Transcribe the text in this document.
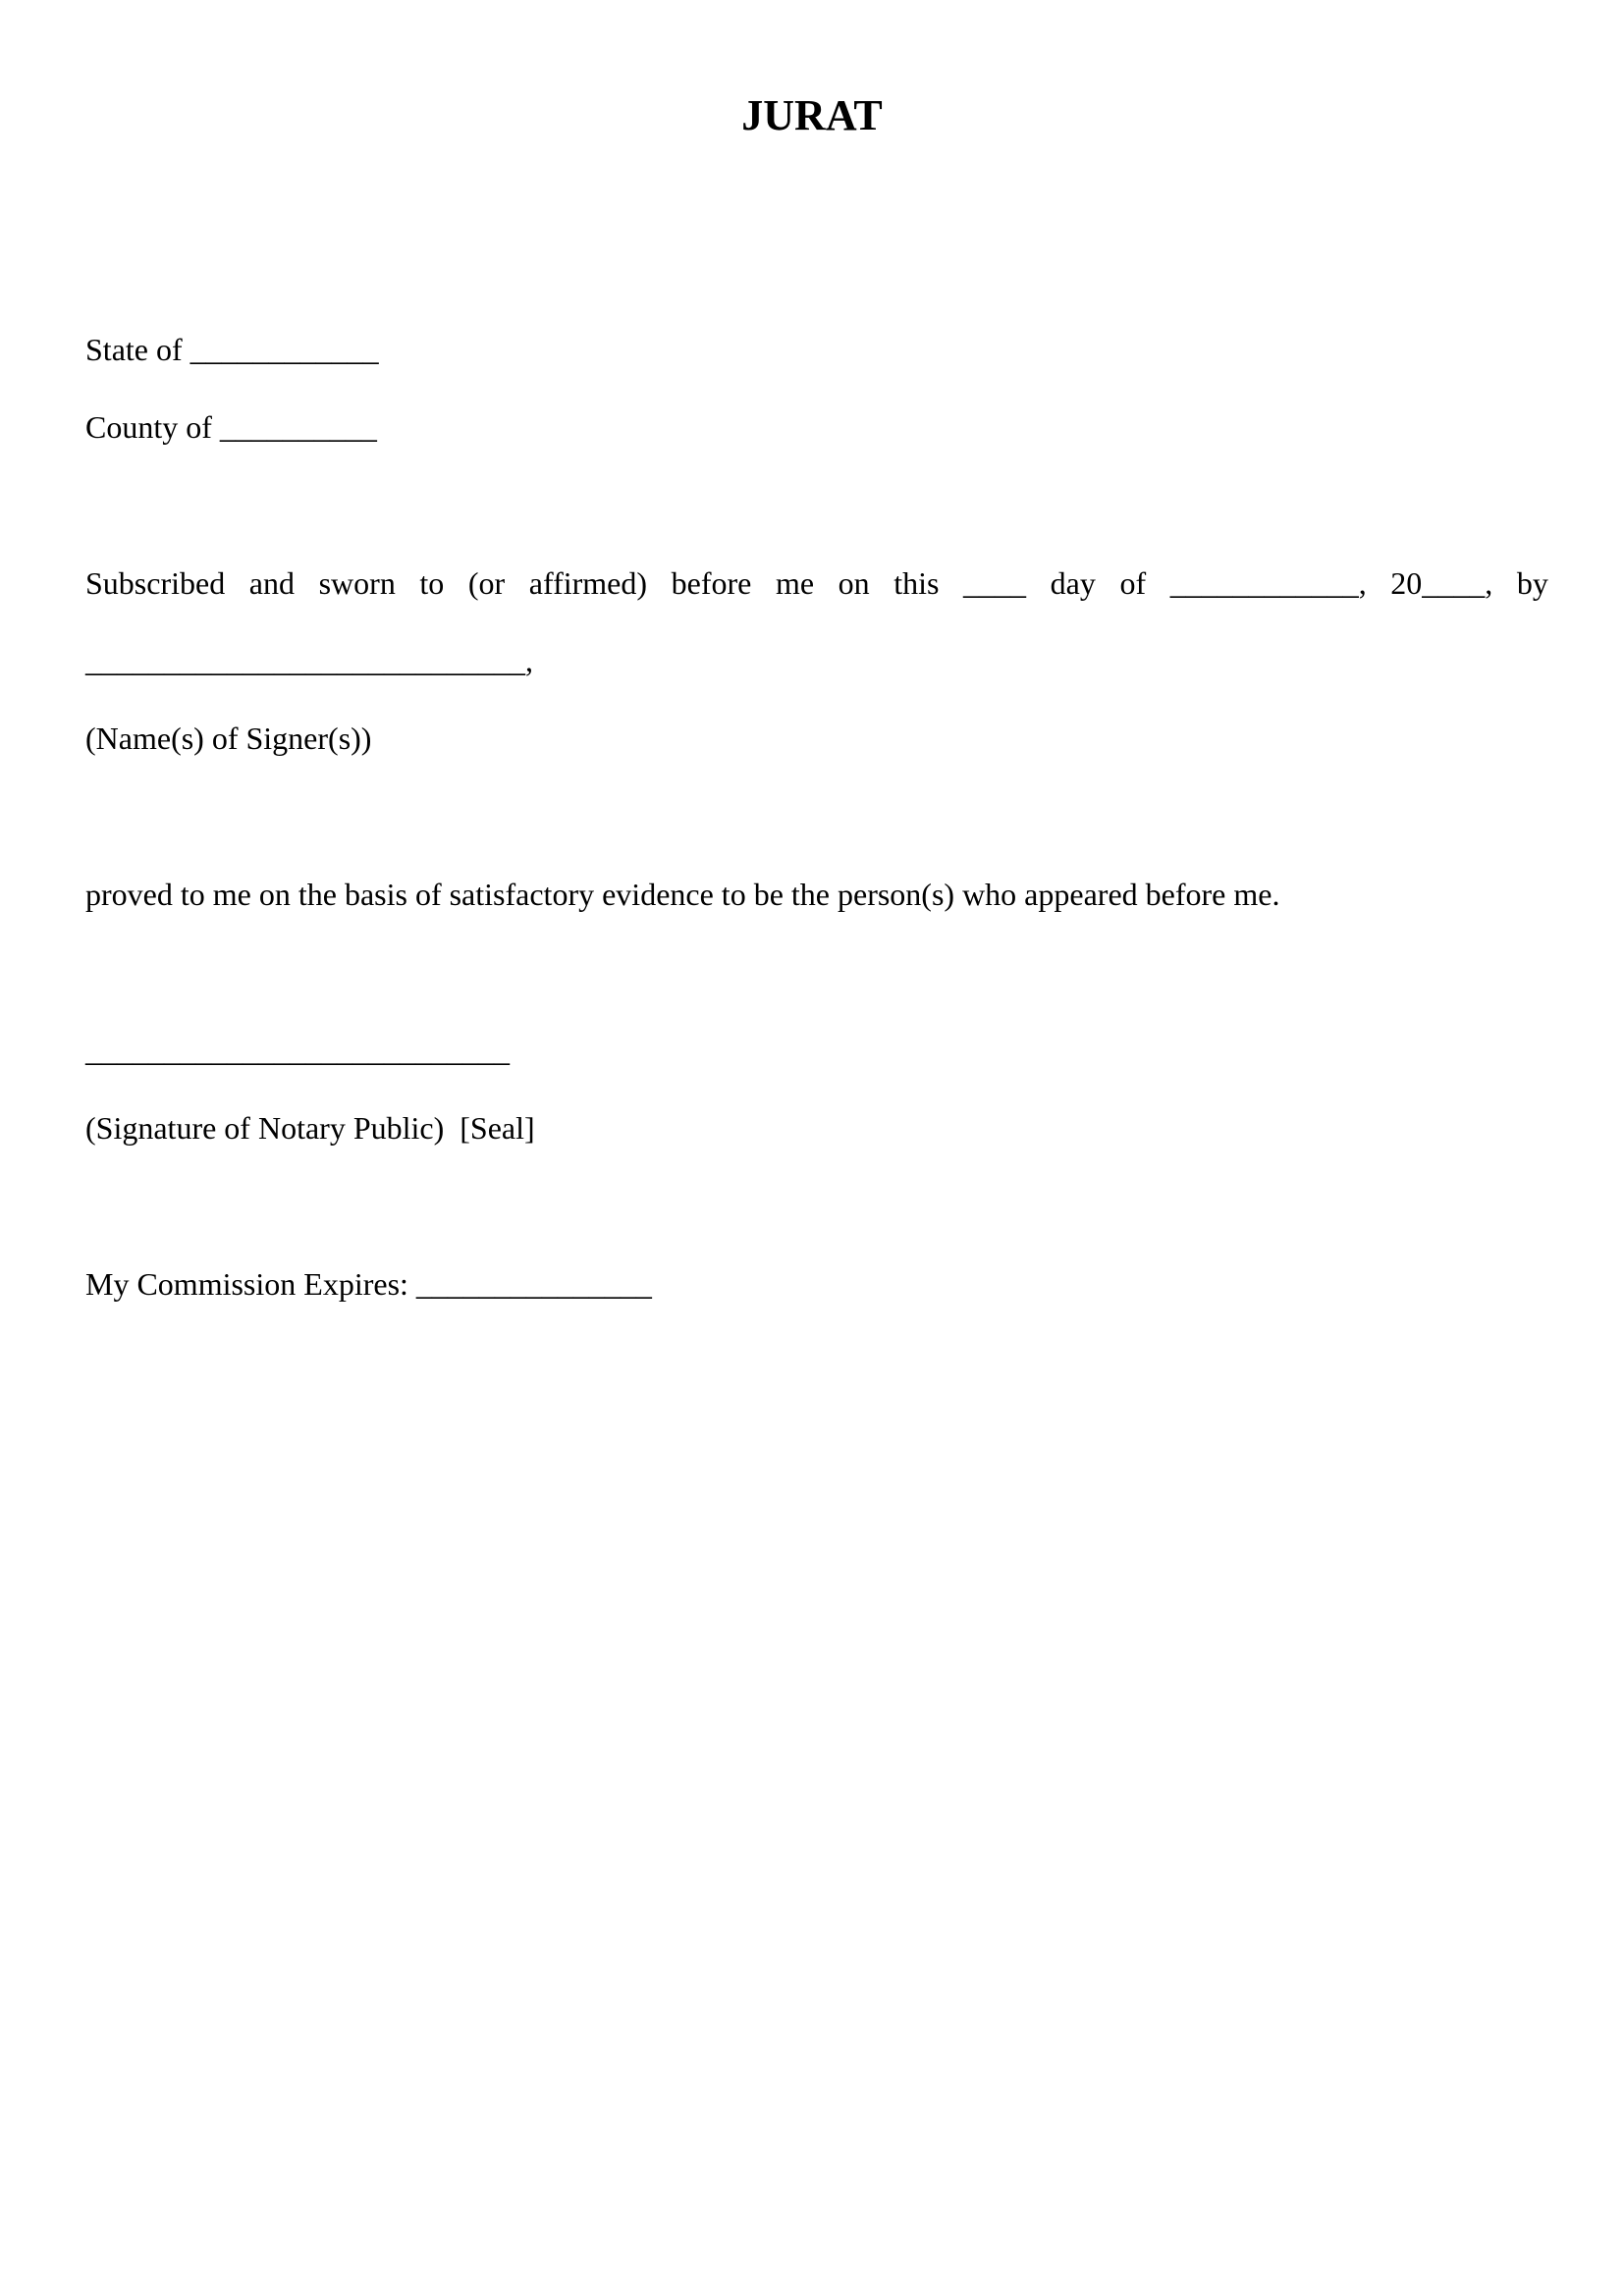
JURAT

State of ____________

County of __________

Subscribed and sworn to (or affirmed) before me on this ____ day of ____________, 20____, by

____________________________,

(Name(s) of Signer(s))

proved to me on the basis of satisfactory evidence to be the person(s) who appeared before me.

___________________________

(Signature of Notary Public)  [Seal]

My Commission Expires: _______________
